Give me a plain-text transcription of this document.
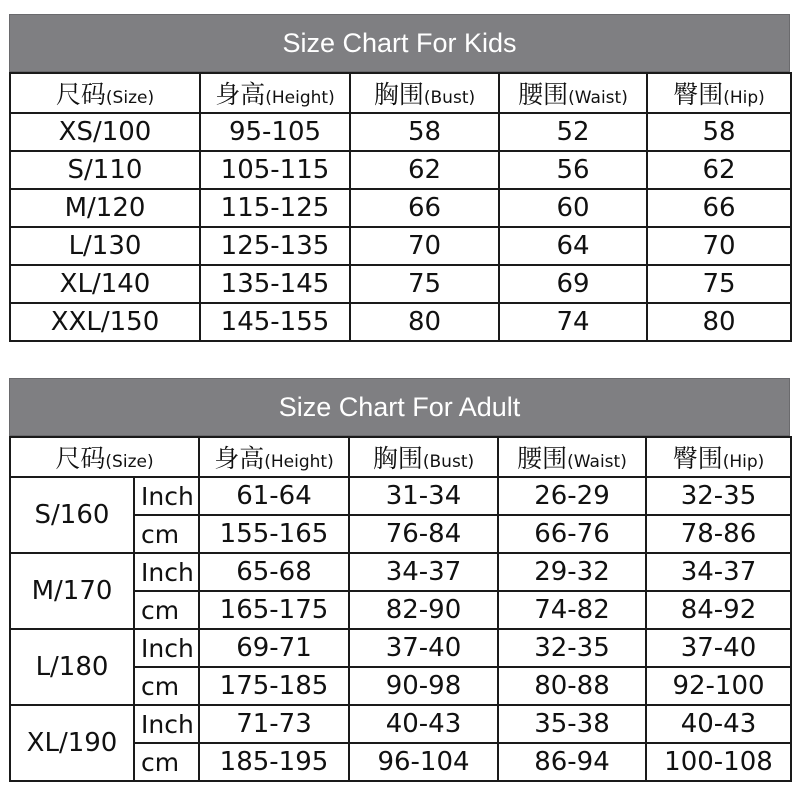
Size Chart For Kids
尺码(Size)	身高(Height)	胸围(Bust)	腰围(Waist)	臀围(Hip)
XS/100	95-105	58	52	58
S/110	105-115	62	56	62
M/120	115-125	66	60	66
L/130	125-135	70	64	70
XL/140	135-145	75	69	75
XXL/150	145-155	80	74	80
Size Chart For Adult
尺码(Size)		身高(Height)	胸围(Bust)	腰围(Waist)	臀围(Hip)
S/160	Inch	61-64	31-34	26-29	32-35
	cm	155-165	76-84	66-76	78-86
M/170	Inch	65-68	34-37	29-32	34-37
	cm	165-175	82-90	74-82	84-92
L/180	Inch	69-71	37-40	32-35	37-40
	cm	175-185	90-98	80-88	92-100
XL/190	Inch	71-73	40-43	35-38	40-43
	cm	185-195	96-104	86-94	100-108
